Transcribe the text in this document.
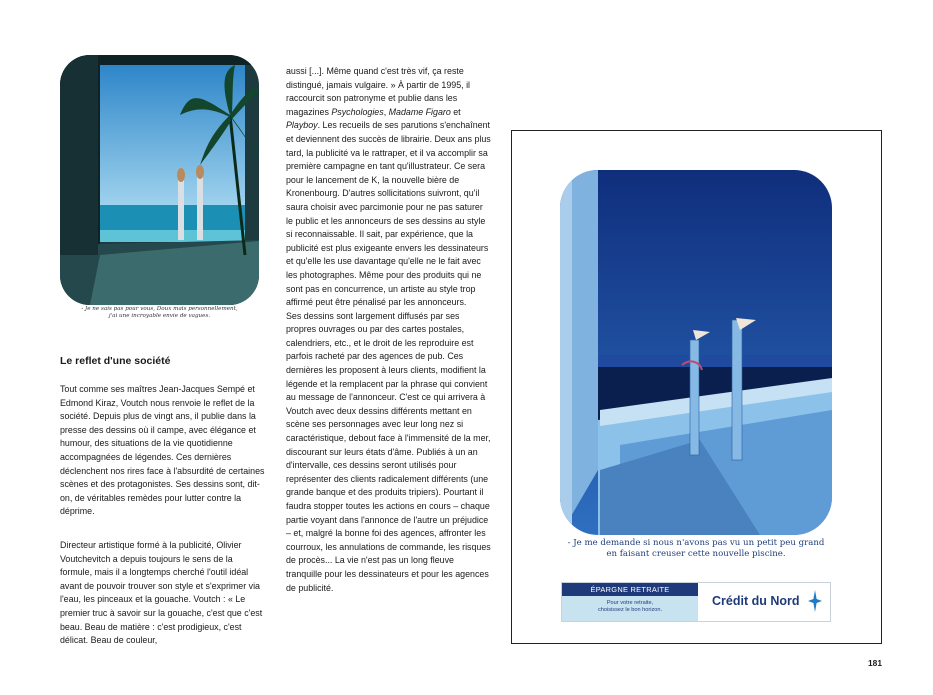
- Je ne sais pas pour vous, Doux mais personnellement,
j'ai une incroyable envie de vagues.
Le reflet d'une société
Tout comme ses maîtres Jean-Jacques Sempé et Edmond Kiraz, Voutch nous renvoie le reflet de la société. Depuis plus de vingt ans, il publie dans la presse des dessins où il campe, avec élégance et humour, des situations de la vie quotidienne accompagnées de légendes. Ces dernières déclenchent nos rires face à l'absurdité de certaines scènes et des protagonistes. Ses dessins sont, dit-on, de véritables remèdes pour lutter contre la déprime.
Directeur artistique formé à la publicité, Olivier Voutchevitch a depuis toujours le sens de la formule, mais il a longtemps cherché l'outil idéal avant de pouvoir trouver son style et s'exprimer via l'eau, les pinceaux et la gouache. Voutch : « Le premier truc à savoir sur la gouache, c'est que c'est beau. Beau de matière : c'est prodigieux, c'est délicat. Beau de couleur,
aussi [...]. Même quand c'est très vif, ça reste distingué, jamais vulgaire. » À partir de 1995, il raccourcit son patronyme et publie dans les magazines Psychologies, Madame Figaro et Playboy. Les recueils de ses parutions s'enchaînent et deviennent des succès de librairie. Deux ans plus tard, la publicité va le rattraper, et il va accomplir sa première campagne en tant qu'illustrateur. Ce sera pour le lancement de K, la nouvelle bière de Kronenbourg. D'autres sollicitations suivront, qu'il saura choisir avec parcimonie pour ne pas saturer le public et les annonceurs de ses dessins au style si reconnaissable. Il sait, par expérience, que la publicité est plus exigeante envers les dessinateurs et qu'elle les use davantage qu'elle ne le fait avec les photographes. Même pour des produits qui ne sont pas en concurrence, un artiste au style trop affirmé peut être pénalisé par les annonceurs.
Ses dessins sont largement diffusés par ses propres ouvrages ou par des cartes postales, calendriers, etc., et le droit de les reproduire est parfois racheté par des agences de pub. Ces dernières les proposent à leurs clients, modifient la légende et la remplacent par la phrase qui convient au message de l'annonceur. C'est ce qui arrivera à Voutch avec deux dessins différents mettant en scène ses personnages avec leur long nez si caractéristique, debout face à l'immensité de la mer, discourant sur leurs états d'âme. Publiés à un an d'intervalle, ces dessins seront utilisés pour représenter des clients radicalement différents (une grande banque et des produits tripiers). Pourtant il faudra stopper toutes les actions en cours – chaque partie voyant dans l'annonce de l'autre un préjudice – et, malgré la bonne foi des agences, affronter les courroux, les annulations de commande, les risques de procès... La vie n'est pas un long fleuve tranquille pour les dessinateurs et pour les agences de publicité.
- Je me demande si nous n'avons pas vu un petit peu grand
en faisant creuser cette nouvelle piscine.
ÉPARGNE RETRAITE
Pour votre retraite,
choisissez le bon horizon.
Crédit du Nord
181
